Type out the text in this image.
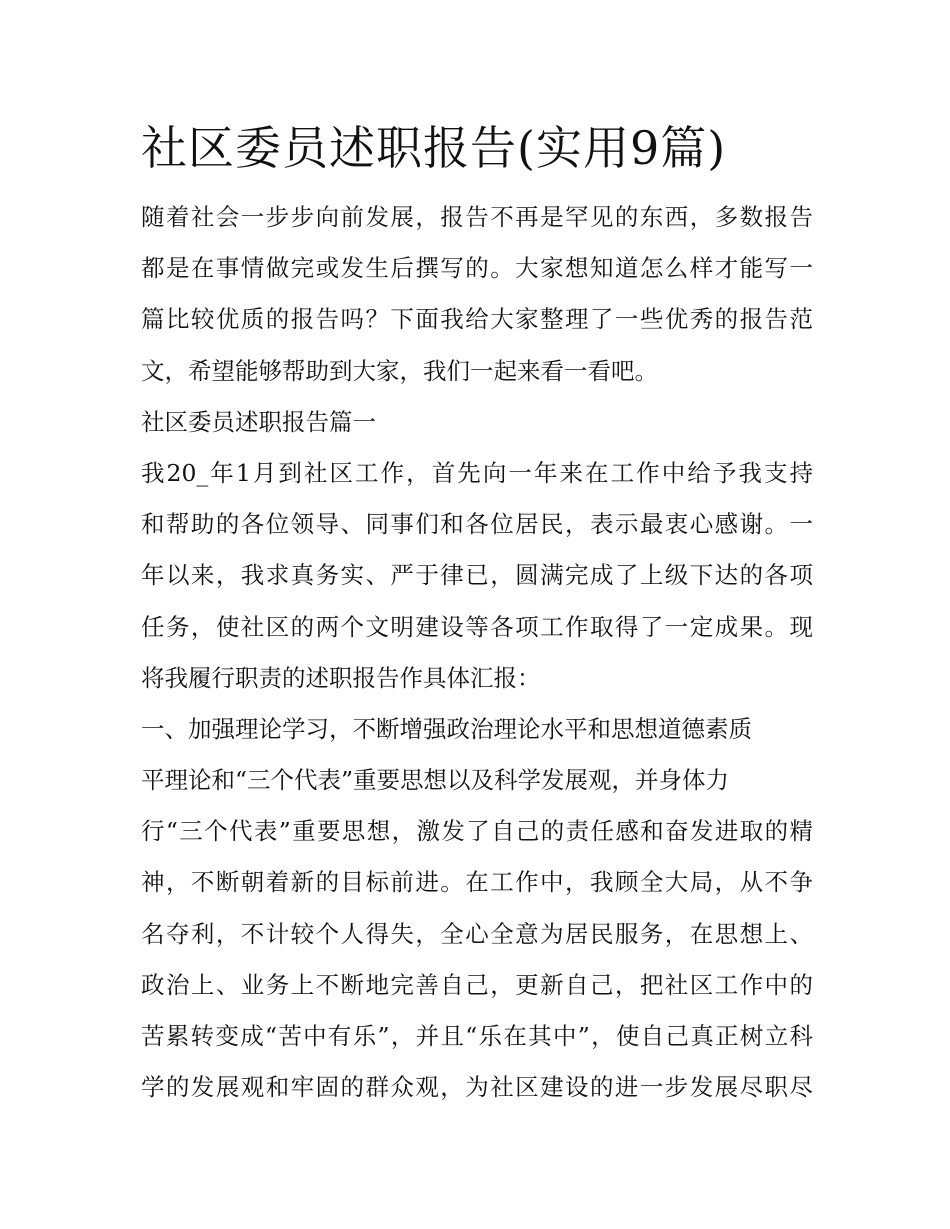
社区委员述职报告(实用9篇)
随着社会一步步向前发展，报告不再是罕见的东西，多数报告
都是在事情做完或发生后撰写的。大家想知道怎么样才能写一
篇比较优质的报告吗？下面我给大家整理了一些优秀的报告范
文，希望能够帮助到大家，我们一起来看一看吧。
社区委员述职报告篇一
我20_年1月到社区工作，首先向一年来在工作中给予我支持
和帮助的各位领导、同事们和各位居民，表示最衷心感谢。一
年以来，我求真务实、严于律已，圆满完成了上级下达的各项
任务，使社区的两个文明建设等各项工作取得了一定成果。现
将我履行职责的述职报告作具体汇报：
一、加强理论学习，不断增强政治理论水平和思想道德素质
平理论和“三个代表”重要思想以及科学发展观，并身体力
行“三个代表”重要思想，激发了自己的责任感和奋发进取的精
神，不断朝着新的目标前进。在工作中，我顾全大局，从不争
名夺利，不计较个人得失，全心全意为居民服务，在思想上、
政治上、业务上不断地完善自己，更新自己，把社区工作中的
苦累转变成“苦中有乐”，并且“乐在其中”，使自己真正树立科
学的发展观和牢固的群众观，为社区建设的进一步发展尽职尽
